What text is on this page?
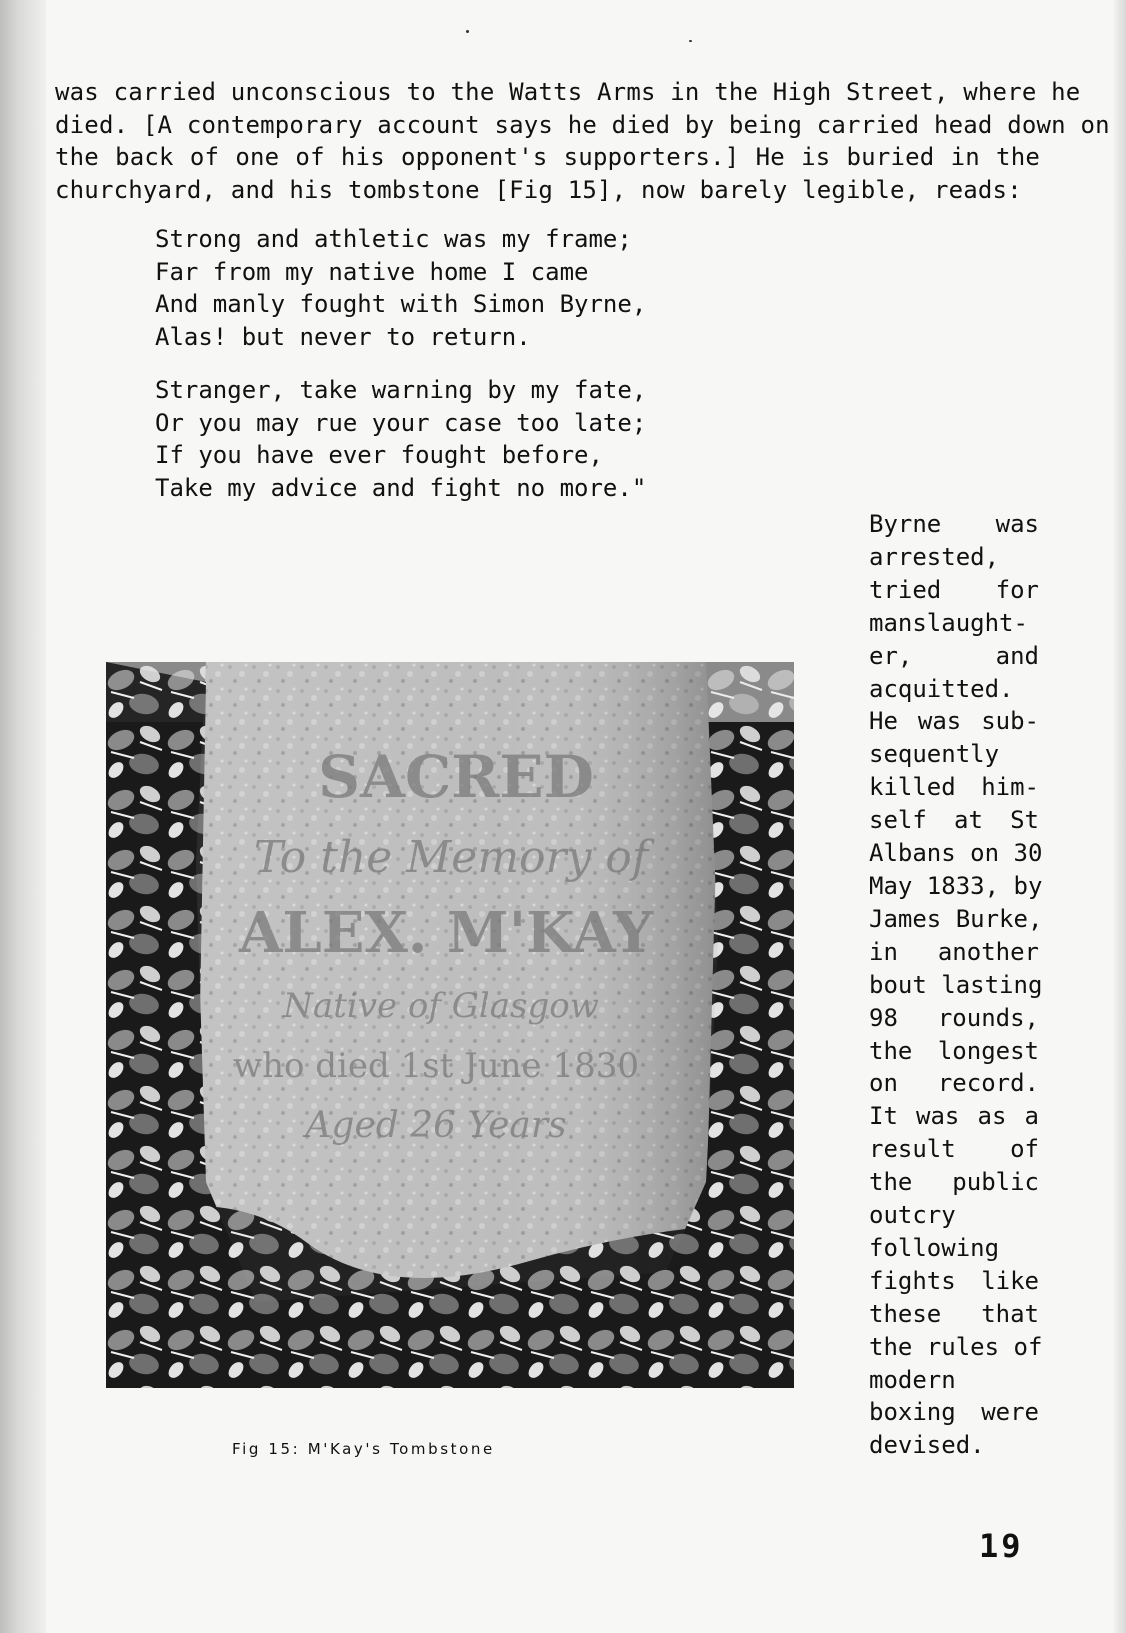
was carried unconscious to the Watts Arms in the High Street, where he
died. [A contemporary account says he died by being carried head down on
the back of one of his opponent's supporters.] He is buried in the
churchyard, and his tombstone [Fig 15], now barely legible, reads:
Strong and athletic was my frame;
Far from my native home I came
And manly fought with Simon Byrne,
Alas! but never to return.
Stranger, take warning by my fate,
Or you may rue your case too late;
If you have ever fought before,
Take my advice and fight no more."
Byrne was
arrested,
tried for
manslaught-
er, and
acquitted.
He was sub-
sequently
killed him-
self at St
Albans on 30
May 1833, by
James Burke,
in another
bout lasting
98 rounds,
the longest
on record.
It was as a
result of
the public
outcry
following
fights like
these that
the rules of
modern
boxing were
devised.
SACRED
To the Memory of
ALEX. M'KAY
Native of Glasgow
who died 1st June 1830
Aged 26 Years

Fig 15: M'Kay's Tombstone

19
